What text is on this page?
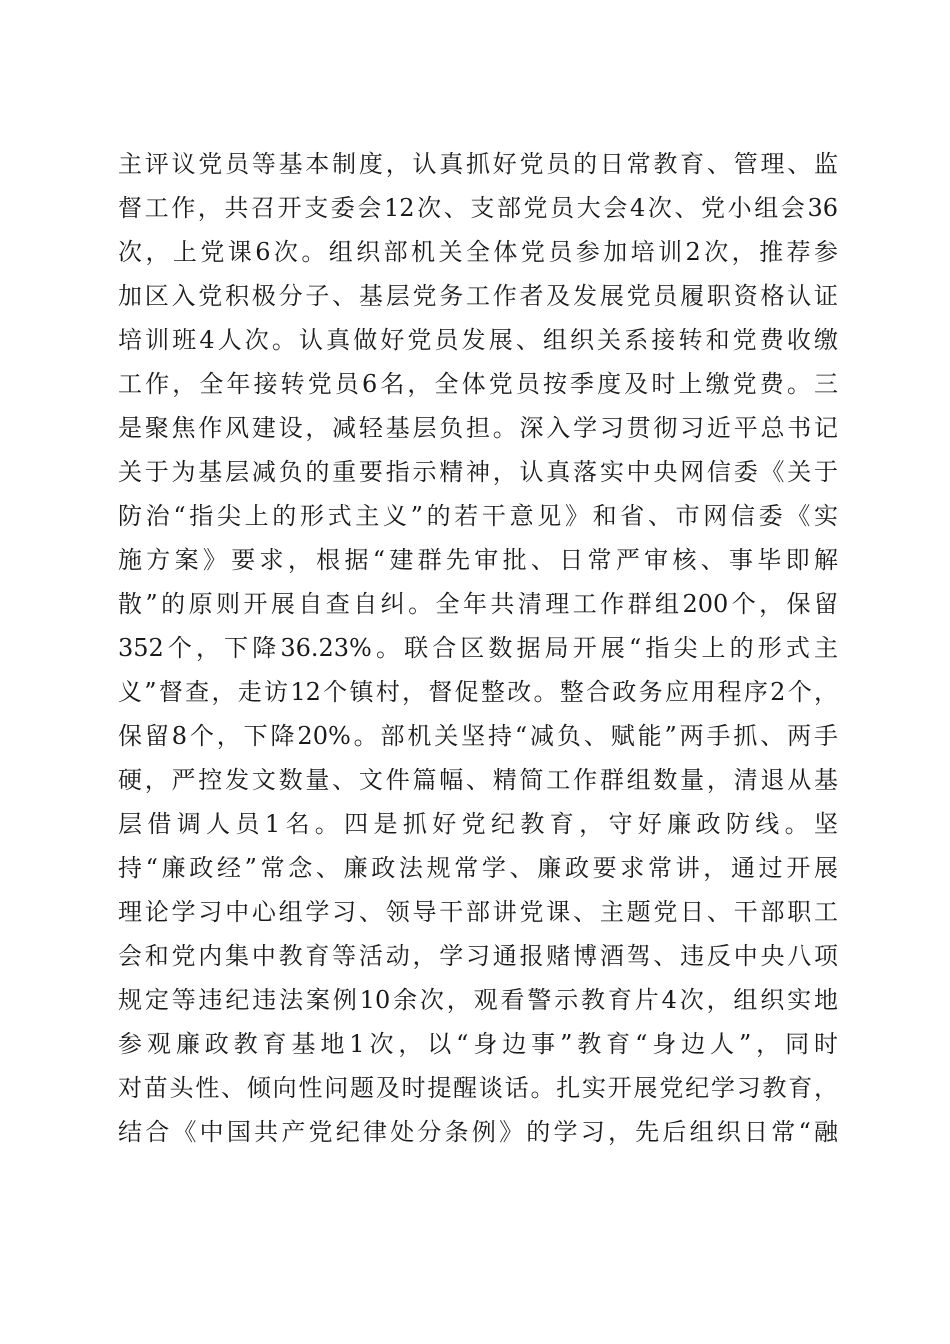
主评议党员等基本制度，认真抓好党员的日常教育、管理、监
督工作，共召开支委会12次、支部党员大会4次、党小组会36
次，上党课6次。组织部机关全体党员参加培训2次，推荐参
加区入党积极分子、基层党务工作者及发展党员履职资格认证
培训班4人次。认真做好党员发展、组织关系接转和党费收缴
工作，全年接转党员6名，全体党员按季度及时上缴党费。三
是聚焦作风建设，减轻基层负担。深入学习贯彻习近平总书记
关于为基层减负的重要指示精神，认真落实中央网信委《关于
防治“指尖上的形式主义”的若干意见》和省、市网信委《实
施方案》要求，根据“建群先审批、日常严审核、事毕即解
散”的原则开展自查自纠。全年共清理工作群组200个，保留
352个，下降36.23%。联合区数据局开展“指尖上的形式主
义”督查，走访12个镇村，督促整改。整合政务应用程序2个，
保留8个，下降20%。部机关坚持“减负、赋能”两手抓、两手
硬，严控发文数量、文件篇幅、精简工作群组数量，清退从基
层借调人员1名。四是抓好党纪教育，守好廉政防线。坚
持“廉政经”常念、廉政法规常学、廉政要求常讲，通过开展
理论学习中心组学习、领导干部讲党课、主题党日、干部职工
会和党内集中教育等活动，学习通报赌博酒驾、违反中央八项
规定等违纪违法案例10余次，观看警示教育片4次，组织实地
参观廉政教育基地1次，以“身边事”教育“身边人”，同时
对苗头性、倾向性问题及时提醒谈话。扎实开展党纪学习教育，
结合《中国共产党纪律处分条例》的学习，先后组织日常“融
